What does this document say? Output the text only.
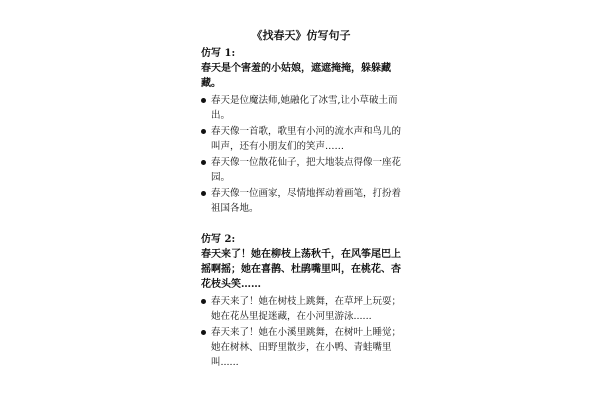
《找春天》仿写句子
仿写 1:
春天是个害羞的小姑娘，遮遮掩掩，躲躲藏藏。
春天是位魔法师,她融化了冰雪,让小草破土而出。
春天像一首歌，歌里有小河的流水声和鸟儿的叫声，还有小朋友们的笑声……
春天像一位散花仙子，把大地装点得像一座花园。
春天像一位画家，尽情地挥动着画笔，打扮着祖国各地。
仿写 2:
春天来了！她在柳枝上荡秋千，在风筝尾巴上摇啊摇；她在喜鹊、杜鹃嘴里叫，在桃花、杏花枝头笑……
春天来了！她在树枝上跳舞，在草坪上玩耍；她在花丛里捉迷藏，在小河里游泳......
春天来了！她在小溪里跳舞，在树叶上睡觉；她在树林、田野里散步，在小鸭、青蛙嘴里叫......
